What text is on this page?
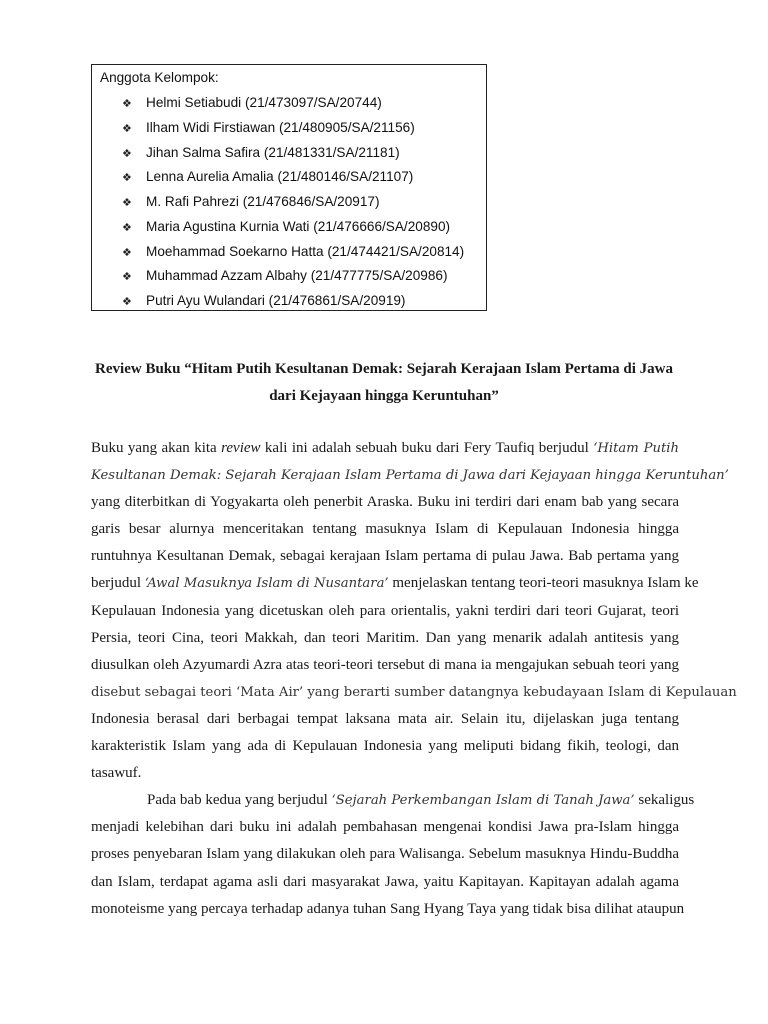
Anggota Kelompok:
❖ Helmi Setiabudi (21/473097/SA/20744)
❖ Ilham Widi Firstiawan (21/480905/SA/21156)
❖ Jihan Salma Safira (21/481331/SA/21181)
❖ Lenna Aurelia Amalia (21/480146/SA/21107)
❖ M. Rafi Pahrezi (21/476846/SA/20917)
❖ Maria Agustina Kurnia Wati (21/476666/SA/20890)
❖ Moehammad Soekarno Hatta (21/474421/SA/20814)
❖ Muhammad Azzam Albahy (21/477775/SA/20986)
❖ Putri Ayu Wulandari (21/476861/SA/20919)
Review Buku “Hitam Putih Kesultanan Demak: Sejarah Kerajaan Islam Pertama di Jawa
dari Kejayaan hingga Keruntuhan”
Buku yang akan kita review kali ini adalah sebuah buku dari Fery Taufiq berjudul ‘Hitam Putih
Kesultanan Demak: Sejarah Kerajaan Islam Pertama di Jawa dari Kejayaan hingga Keruntuhan’
yang diterbitkan di Yogyakarta oleh penerbit Araska. Buku ini terdiri dari enam bab yang secara
garis besar alurnya menceritakan tentang masuknya Islam di Kepulauan Indonesia hingga
runtuhnya Kesultanan Demak, sebagai kerajaan Islam pertama di pulau Jawa. Bab pertama yang
berjudul ‘Awal Masuknya Islam di Nusantara’ menjelaskan tentang teori-teori masuknya Islam ke
Kepulauan Indonesia yang dicetuskan oleh para orientalis, yakni terdiri dari teori Gujarat, teori
Persia, teori Cina, teori Makkah, dan teori Maritim. Dan yang menarik adalah antitesis yang
diusulkan oleh Azyumardi Azra atas teori-teori tersebut di mana ia mengajukan sebuah teori yang
disebut sebagai teori ‘Mata Air’ yang berarti sumber datangnya kebudayaan Islam di Kepulauan
Indonesia berasal dari berbagai tempat laksana mata air. Selain itu, dijelaskan juga tentang
karakteristik Islam yang ada di Kepulauan Indonesia yang meliputi bidang fikih, teologi, dan
tasawuf.
Pada bab kedua yang berjudul ‘Sejarah Perkembangan Islam di Tanah Jawa’ sekaligus
menjadi kelebihan dari buku ini adalah pembahasan mengenai kondisi Jawa pra-Islam hingga
proses penyebaran Islam yang dilakukan oleh para Walisanga. Sebelum masuknya Hindu-Buddha
dan Islam, terdapat agama asli dari masyarakat Jawa, yaitu Kapitayan. Kapitayan adalah agama
monoteisme yang percaya terhadap adanya tuhan Sang Hyang Taya yang tidak bisa dilihat ataupun
